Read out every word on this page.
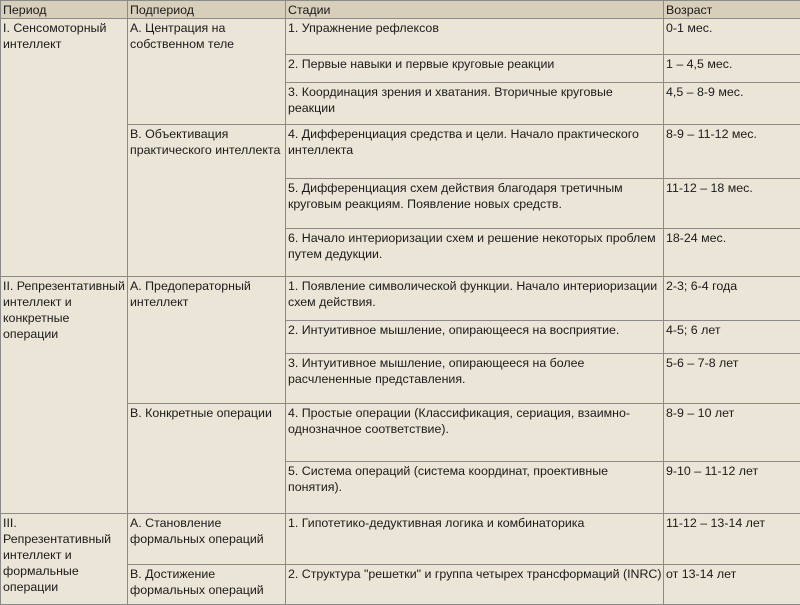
Период	Подпериод	Стадии	Возраст
I. Сенсомоторный интеллект	А. Центрация на собственном теле	1. Упражнение рефлексов	0-1 мес.
		2. Первые навыки и первые круговые реакции	1 – 4,5 мес.
		3. Координация зрения и хватания. Вторичные круговые реакции	4,5 – 8-9 мес.
	В. Объективация практического интеллекта	4. Дифференциация средства и цели. Начало практического интеллекта	8-9 – 11-12 мес.
		5. Дифференциация схем действия благодаря третичным круговым реакциям. Появление новых средств.	11-12 – 18 мес.
		6. Начало интериоризации схем и решение некоторых проблем путем дедукции.	18-24 мес.
II. Репрезентативный интеллект и конкретные операции	А. Предоператорный интеллект	1. Появление символической функции. Начало интериоризации схем действия.	2-3; 6-4 года
		2. Интуитивное мышление, опирающееся на восприятие.	4-5; 6 лет
		3. Интуитивное мышление, опирающееся на более расчлененные представления.	5-6 – 7-8 лет
	В. Конкретные операции	4. Простые операции (Классификация, сериация, взаимно-однозначное соответствие).	8-9 – 10 лет
		5. Система операций (система координат, проективные понятия).	9-10 – 11-12 лет
III. Репрезентативный интеллект и формальные операции	А. Становление формальных операций	1. Гипотетико-дедуктивная логика и комбинаторика	11-12 – 13-14 лет
	В. Достижение формальных операций	2. Структура "решетки" и группа четырех трансформаций (INRC)	от 13-14 лет
